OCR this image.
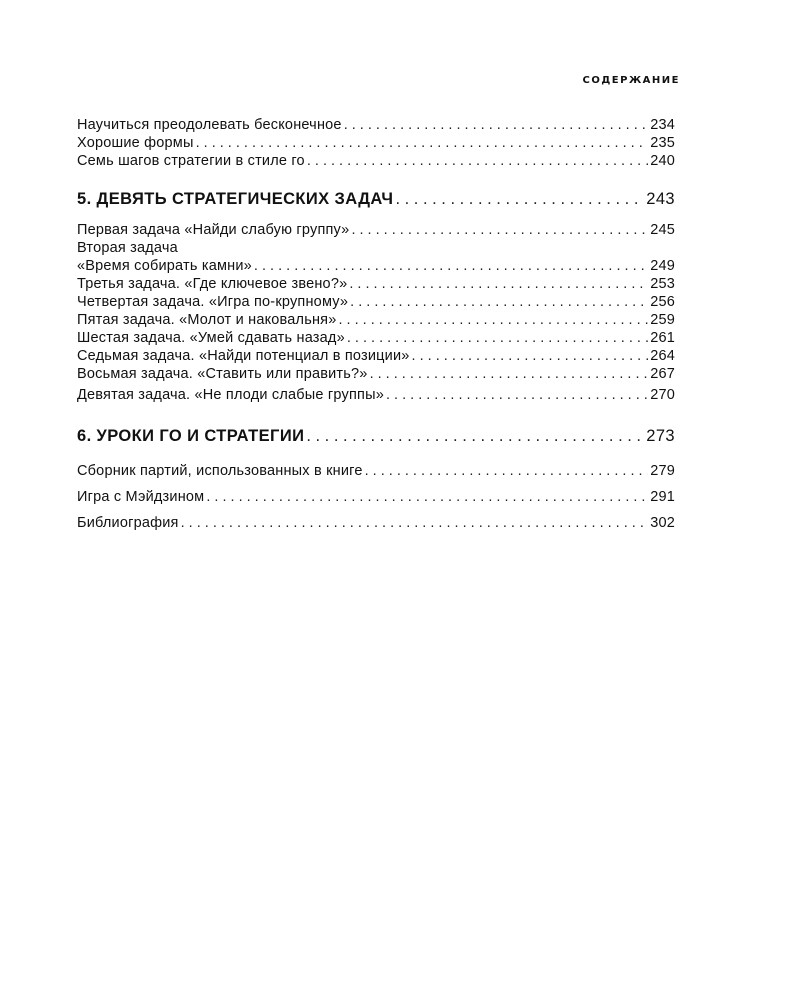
СОДЕРЖАНИЕ
Научиться преодолевать бесконечное . . .	234
Хорошие формы . . .	235
Семь шагов стратегии в стиле го . . .	240
5. ДЕВЯТЬ СТРАТЕГИЧЕСКИХ ЗАДАЧ . . .	243
Первая задача «Найди слабую группу» . . .	245
Вторая задача
«Время собирать камни» . . .	249
Третья задача. «Где ключевое звено?» . . .	253
Четвертая задача. «Игра по-крупному» . . .	256
Пятая задача. «Молот и наковальня» . . .	259
Шестая задача. «Умей сдавать назад» . . .	261
Седьмая задача. «Найди потенциал в позиции» . . .	264
Восьмая задача. «Ставить или править?» . . .	267
Девятая задача. «Не плоди слабые группы» . . .	270
6. УРОКИ ГО И СТРАТЕГИИ . . .	273
Сборник партий, использованных в книге . . .	279
Игра с Мэйдзином . . .	291
Библиография . . .	302
